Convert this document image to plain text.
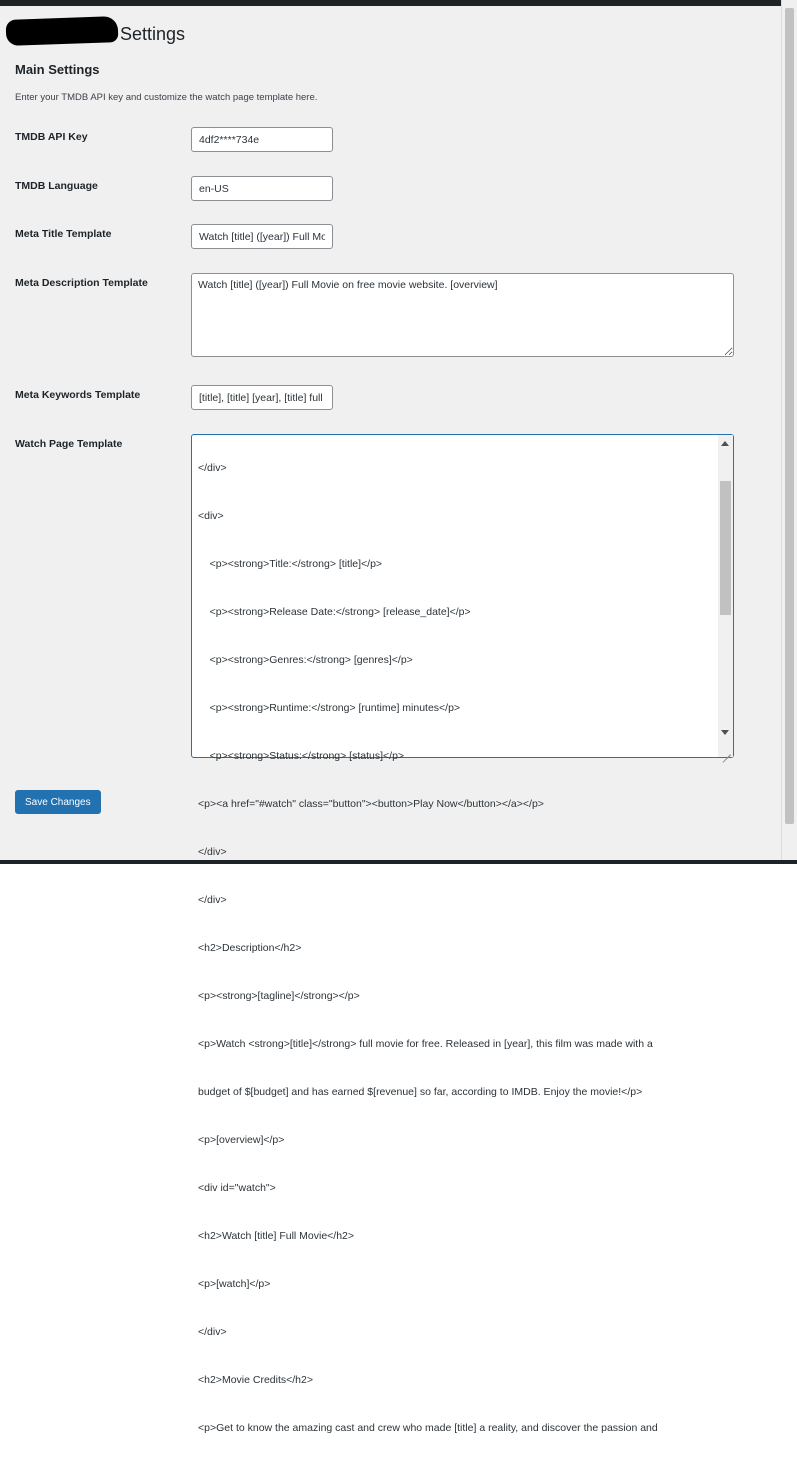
Settings
Main Settings

Enter your TMDB API key and customize the watch page template here.

TMDB API Key
4df2****734e
TMDB Language
en-US
Meta Title Template
Watch [title] ([year]) Full Movie
Meta Description Template
Watch [title] ([year]) Full Movie on free movie website. [overview]
Meta Keywords Template
[title], [title] [year], [title] full movie
Watch Page Template

</div>

<div>

<p><strong>Title:</strong> [title]</p>

<p><strong>Release Date:</strong> [release_date]</p>

<p><strong>Genres:</strong> [genres]</p>

<p><strong>Runtime:</strong> [runtime] minutes</p>

<p><strong>Status:</strong> [status]</p>

<p><a href="#watch" class="button"><button>Play Now</button></a></p>

</div>

</div>

<h2>Description</h2>

<p><strong>[tagline]</strong></p>

<p>Watch <strong>[title]</strong> full movie for free. Released in [year], this film was made with a

budget of $[budget] and has earned $[revenue] so far, according to IMDB. Enjoy the movie!</p>

<p>[overview]</p>

<div id="watch">

<h2>Watch [title] Full Movie</h2>

<p>[watch]</p>

</div>

<h2>Movie Credits</h2>

<p>Get to know the amazing cast and crew who made [title] a reality, and discover the passion and

Save Changes
